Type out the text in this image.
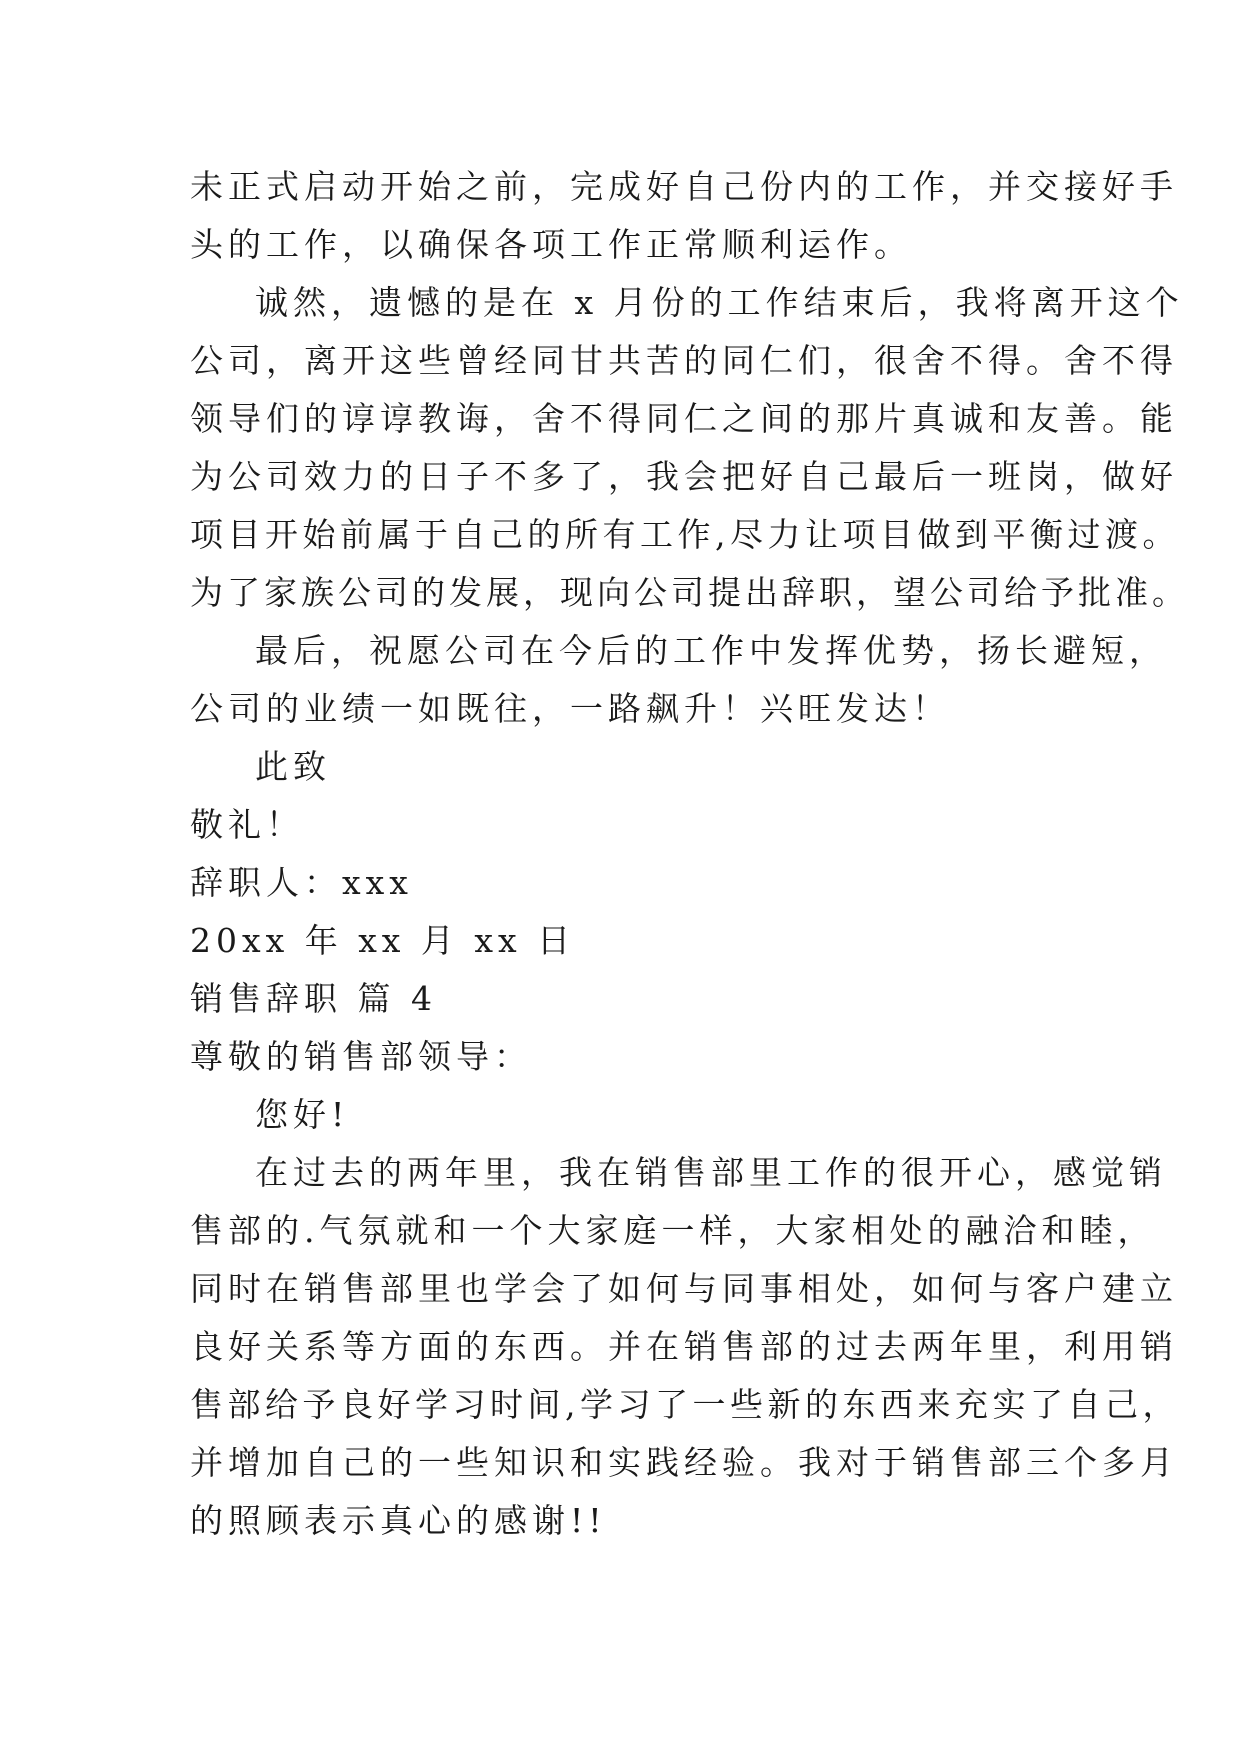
未正式启动开始之前，完成好自己份内的工作，并交接好手
头的工作，以确保各项工作正常顺利运作。
诚然，遗憾的是在 x 月份的工作结束后，我将离开这个
公司，离开这些曾经同甘共苦的同仁们，很舍不得。舍不得
领导们的谆谆教诲，舍不得同仁之间的那片真诚和友善。能
为公司效力的日子不多了，我会把好自己最后一班岗，做好
项目开始前属于自己的所有工作,尽力让项目做到平衡过渡。
为了家族公司的发展，现向公司提出辞职，望公司给予批准。
最后，祝愿公司在今后的工作中发挥优势，扬长避短，
公司的业绩一如既往，一路飙升！兴旺发达！
此致
敬礼！
辞职人：xxx
20xx 年 xx 月 xx 日
销售辞职 篇 4
尊敬的销售部领导：
您好!
在过去的两年里，我在销售部里工作的很开心，感觉销
售部的.气氛就和一个大家庭一样，大家相处的融洽和睦，
同时在销售部里也学会了如何与同事相处，如何与客户建立
良好关系等方面的东西。并在销售部的过去两年里，利用销
售部给予良好学习时间,学习了一些新的东西来充实了自己，
并增加自己的一些知识和实践经验。我对于销售部三个多月
的照顾表示真心的感谢!!
